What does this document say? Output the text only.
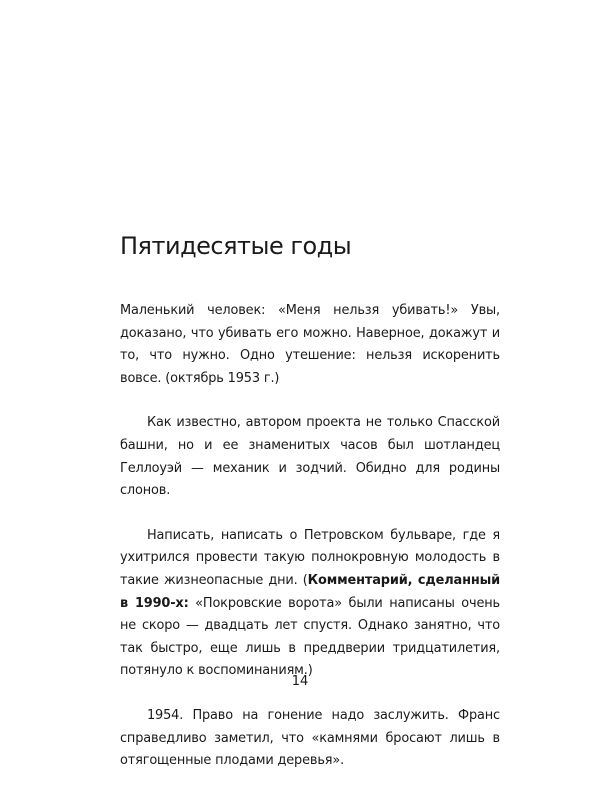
Пятидесятые годы

Маленький человек: «Меня нельзя убивать!» Увы, доказано, что убивать его можно. Наверное, докажут и то, что нужно. Одно утешение: нельзя искоренить вовсе. (октябрь 1953 г.)

Как известно, автором проекта не только Спасской башни, но и ее знаменитых часов был шотландец Геллоуэй — механик и зодчий. Обидно для родины слонов.

Написать, написать о Петровском бульваре, где я ухитрился провести такую полнокровную молодость в такие жизнеопасные дни. (Комментарий, сделанный в 1990-х: «Покровские ворота» были написаны очень не скоро — двадцать лет спустя. Однако занятно, что так быстро, еще лишь в преддверии тридцатилетия, потянуло к воспоминаниям.)

1954. Право на гонение надо заслужить. Франс справедливо заметил, что «камнями бросают лишь в отягощенные плодами деревья».

14
